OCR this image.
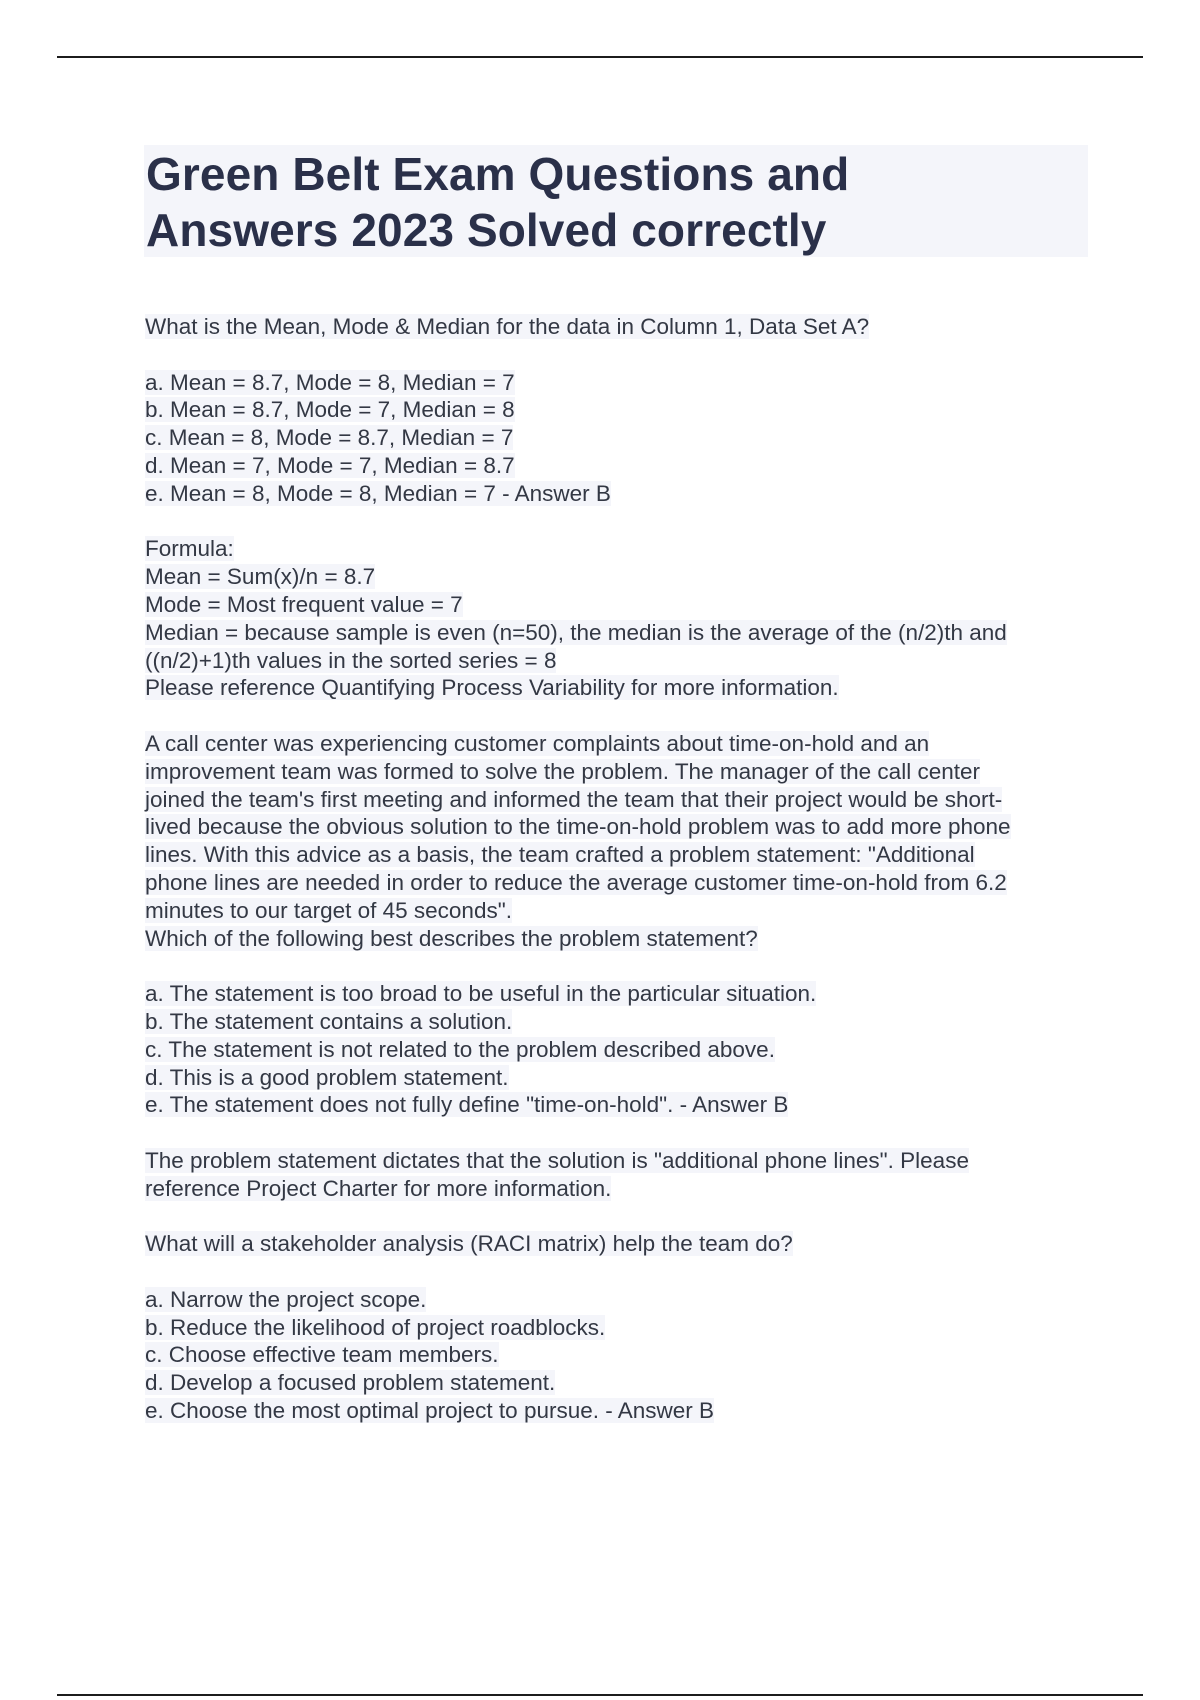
Green Belt Exam Questions and
Answers 2023 Solved correctly
What is the Mean, Mode & Median for the data in Column 1, Data Set A?
a. Mean = 8.7, Mode = 8, Median = 7
b. Mean = 8.7, Mode = 7, Median = 8
c. Mean = 8, Mode = 8.7, Median = 7
d. Mean = 7, Mode = 7, Median = 8.7
e. Mean = 8, Mode = 8, Median = 7 - Answer B
Formula:
Mean = Sum(x)/n = 8.7
Mode = Most frequent value = 7
Median = because sample is even (n=50), the median is the average of the (n/2)th and
((n/2)+1)th values in the sorted series = 8
Please reference Quantifying Process Variability for more information.
A call center was experiencing customer complaints about time-on-hold and an
improvement team was formed to solve the problem. The manager of the call center
joined the team's first meeting and informed the team that their project would be short-
lived because the obvious solution to the time-on-hold problem was to add more phone
lines. With this advice as a basis, the team crafted a problem statement: "Additional
phone lines are needed in order to reduce the average customer time-on-hold from 6.2
minutes to our target of 45 seconds".
Which of the following best describes the problem statement?
a. The statement is too broad to be useful in the particular situation.
b. The statement contains a solution.
c. The statement is not related to the problem described above.
d. This is a good problem statement.
e. The statement does not fully define "time-on-hold". - Answer B
The problem statement dictates that the solution is "additional phone lines". Please
reference Project Charter for more information.
What will a stakeholder analysis (RACI matrix) help the team do?
a. Narrow the project scope.
b. Reduce the likelihood of project roadblocks.
c. Choose effective team members.
d. Develop a focused problem statement.
e. Choose the most optimal project to pursue. - Answer B
